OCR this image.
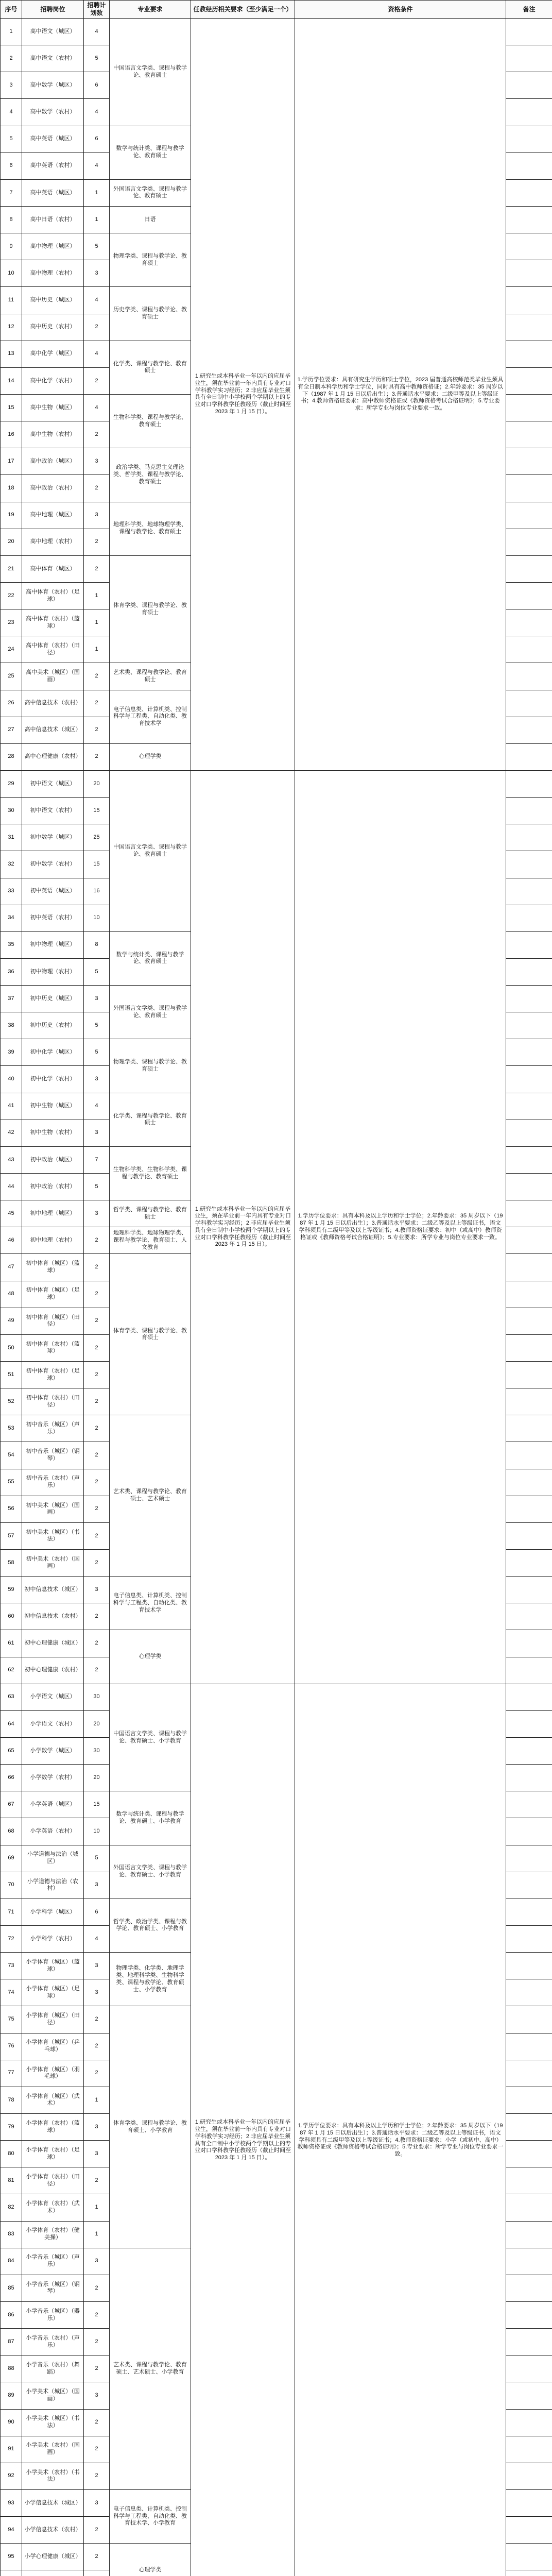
序号	招聘岗位	招聘计划数	专业要求	任教经历相关要求（至少满足一个）	资格条件	备注
1	高中语文（城区）	4	中国语言文学类、课程与教学论、教育硕士	1.研究生或本科毕业一年以内的应届毕业生，须在毕业前一年内具有专业对口学科教学实习经历；2.非应届毕业生须具有全日制中小学校两个学期以上的专业对口学科教学任教经历（截止时间至 2023 年 1 月 15 日）。	1.学历学位要求：具有研究生学历和硕士学位，2023 届普通高校师范类毕业生须具有全日制本科学历和学士学位，同时具有高中教师资格证；2.年龄要求：35 周岁以下（1987 年 1 月 15 日以后出生）；3.普通话水平要求：二级甲等及以上等级证书；4.教师资格证要求：高中教师资格证或《教师资格考试合格证明》；5.专业要求：所学专业与岗位专业要求一致。	
2	高中语文（农村）	5				
3	高中数学（城区）	6				
4	高中数学（农村）	4				
5	高中英语（城区）	6	数学与统计类、课程与教学论、教育硕士			
6	高中英语（农村）	4				
7	高中英语（城区）	1	外国语言文学类、课程与教学论、教育硕士			
8	高中日语（农村）	1	日语			
9	高中物理（城区）	5	物理学类、课程与教学论、教育硕士			
10	高中物理（农村）	3				
11	高中历史（城区）	4	历史学类、课程与教学论、教育硕士			
12	高中历史（农村）	2				
13	高中化学（城区）	4	化学类、课程与教学论、教育硕士			
14	高中化学（农村）	2				
15	高中生物（城区）	4	生物科学类、课程与教学论、教育硕士			
16	高中生物（农村）	2				
17	高中政治（城区）	3	政治学类、马克思主义理论类、哲学类、课程与教学论、教育硕士			
18	高中政治（农村）	2				
19	高中地理（城区）	3	地理科学类、地球物理学类、课程与教学论、教育硕士			
20	高中地理（农村）	2				
21	高中体育（城区）	2	体育学类、课程与教学论、教育硕士			
22	高中体育（农村）（足球）	1				
23	高中体育（农村）（篮球）	1				
24	高中体育（农村）（田径）	1				
25	高中美术（城区）（国画）	2	艺术类、课程与教学论、教育硕士			
26	高中信息技术（农村）	2	电子信息类、计算机类、控制科学与工程类、自动化类、教育技术学			
27	高中信息技术（城区）	2				
28	高中心理健康（农村）	2	心理学类			
29	初中语文（城区）	20	中国语言文学类、课程与教学论、教育硕士	1.研究生或本科毕业一年以内的应届毕业生，须在毕业前一年内具有专业对口学科教学实习经历；2.非应届毕业生须具有全日制中小学校两个学期以上的专业对口学科教学任教经历（截止时间至 2023 年 1 月 15 日）。	1.学历学位要求：具有本科及以上学历和学士学位；2.年龄要求：35 周岁以下（1987 年 1 月 15 日以后出生）；3.普通话水平要求：二级乙等及以上等级证书，语文学科须具有二级甲等及以上等级证书；4.教师资格证要求：初中（或高中）教师资格证或《教师资格考试合格证明》；5.专业要求：所学专业与岗位专业要求一致。	
30	初中语文（农村）	15				
31	初中数学（城区）	25				
32	初中数学（农村）	15				
33	初中英语（城区）	16				
34	初中英语（农村）	10				
35	初中物理（城区）	8	数学与统计类、课程与教学论、教育硕士			
36	初中物理（农村）	5				
37	初中历史（城区）	3	外国语言文学类、课程与教学论、教育硕士			
38	初中历史（农村）	5				
39	初中化学（城区）	5	物理学类、课程与教学论、教育硕士			
40	初中化学（农村）	3				
41	初中生物（城区）	4	化学类、课程与教学论、教育硕士			
42	初中生物（农村）	3				
43	初中政治（城区）	7	生物科学类、生物科学类、课程与教学论、教育硕士			
44	初中政治（农村）	5				
45	初中地理（城区）	3	哲学类、课程与教学论、教育硕士			
46	初中地理（农村）	2	地理科学类、地球物理学类、课程与教学论、教育硕士、人文教育			
47	初中体育（城区）（篮球）	2	体育学类、课程与教学论、教育硕士			
48	初中体育（城区）（足球）	2				
49	初中体育（城区）（田径）	2				
50	初中体育（农村）（篮球）	2				
51	初中体育（农村）（足球）	2				
52	初中体育（农村）（田径）	2				
53	初中音乐（城区）（声乐）	2	艺术类、课程与教学论、教育硕士、艺术硕士			
54	初中音乐（城区）（钢琴）	2				
55	初中音乐（农村）（声乐）	2				
56	初中美术（城区）（国画）	2				
57	初中美术（城区）（书法）	2				
58	初中美术（农村）（国画）	2				
59	初中信息技术（城区）	3	电子信息类、计算机类、控制科学与工程类、自动化类、教育技术学			
60	初中信息技术（农村）	2				
61	初中心理健康（城区）	2	心理学类			
62	初中心理健康（农村）	2				
63	小学语文（城区）	30	中国语言文学类、课程与教学论、教育硕士、小学教育	1.研究生或本科毕业一年以内的应届毕业生，须在毕业前一年内具有专业对口学科教学实习经历；2.非应届毕业生须具有全日制中小学校两个学期以上的专业对口学科教学任教经历（截止时间至 2023 年 1 月 15 日）。	1.学历学位要求：具有本科及以上学历和学士学位；2.年龄要求：35 周岁以下（1987 年 1 月 15 日以后出生）；3.普通话水平要求：二级乙等及以上等级证书，语文学科须具有二级甲等及以上等级证书；4.教师资格证要求：小学（或初中、高中）教师资格证或《教师资格考试合格证明》；5.专业要求：所学专业与岗位专业要求一致。	
64	小学语文（农村）	20				
65	小学数学（城区）	30				
66	小学数学（农村）	20				
67	小学英语（城区）	15	数学与统计类、课程与教学论、教育硕士、小学教育			
68	小学英语（农村）	10				
69	小学道德与法治（城区）	5	外国语言文学类、课程与教学论、教育硕士、小学教育			
70	小学道德与法治（农村）	3				
71	小学科学（城区）	6	哲学类、政治学类、课程与教学论、教育硕士、小学教育			
72	小学科学（农村）	4				
73	小学体育（城区）（篮球）	3	物理学类、化学类、地理学类、地理科学类、生物科学类、课程与教学论、教育硕士、小学教育			
74	小学体育（城区）（足球）	3				
75	小学体育（城区）（田径）	2	体育学类、课程与教学论、教育硕士、小学教育			
76	小学体育（城区）（乒乓球）	2				
77	小学体育（城区）（羽毛球）	2				
78	小学体育（城区）（武术）	1				
79	小学体育（农村）（篮球）	3				
80	小学体育（农村）（足球）	3				
81	小学体育（农村）（田径）	2				
82	小学体育（农村）（武术）	1				
83	小学体育（农村）（健美操）	1				
84	小学音乐（城区）（声乐）	3	艺术类、课程与教学论、教育硕士、艺术硕士、小学教育			
85	小学音乐（城区）（钢琴）	2				
86	小学音乐（城区）（器乐）	2				
87	小学音乐（农村）（声乐）	2				
88	小学音乐（农村）（舞蹈）	2				
89	小学美术（城区）（国画）	3				
90	小学美术（城区）（书法）	2				
91	小学美术（农村）（国画）	2				
92	小学美术（农村）（书法）	2				
93	小学信息技术（城区）	3	电子信息类、计算机类、控制科学与工程类、自动化类、教育技术学、小学教育			
94	小学信息技术（农村）	2				
95	小学心理健康（城区）	2	心理学类			
